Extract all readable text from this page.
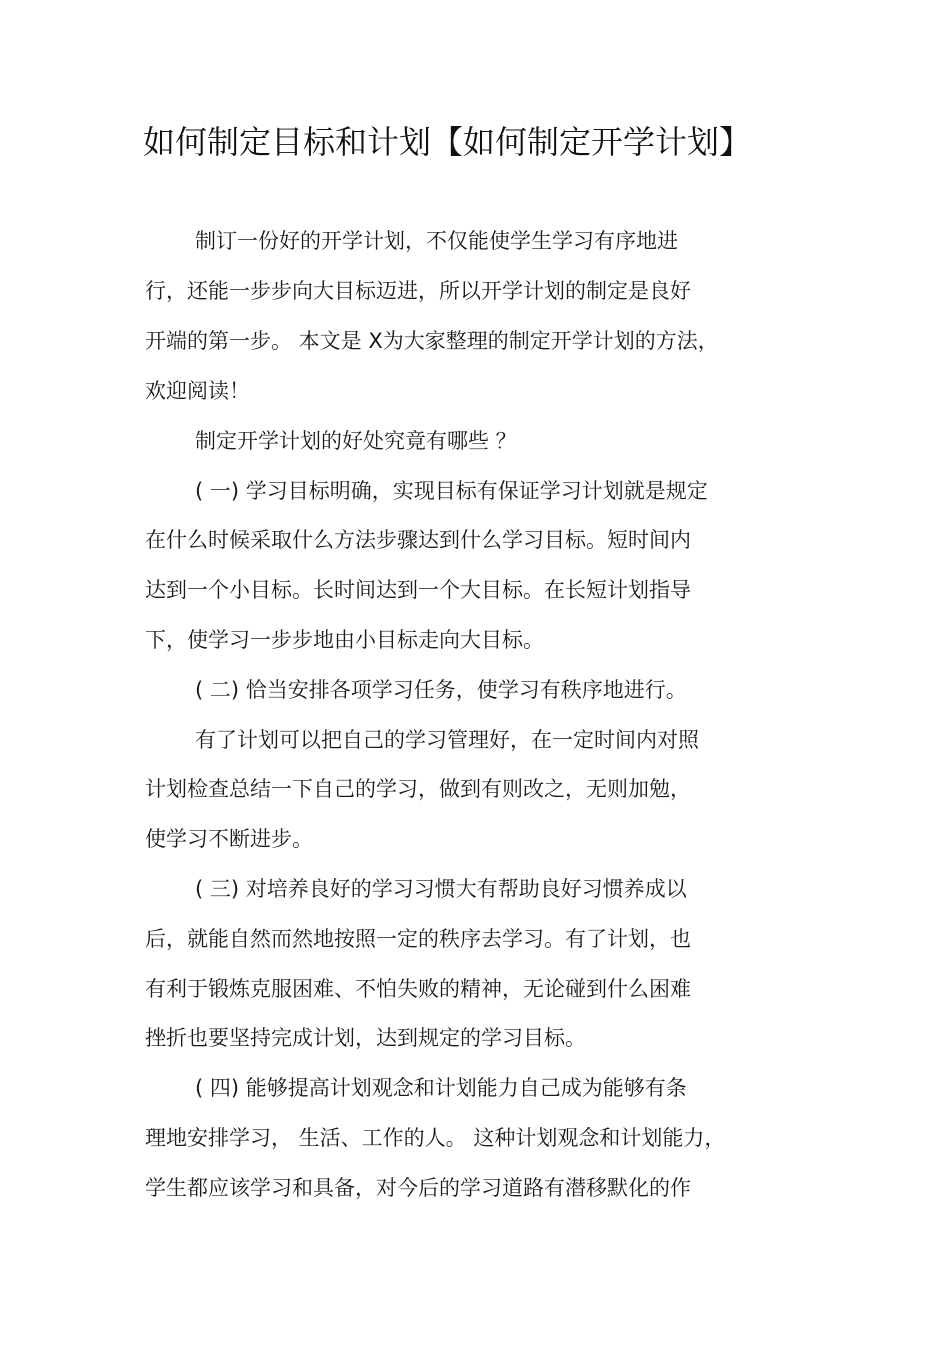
如何制定目标和计划【如何制定开学计划】
制订一份好的开学计划，不仅能使学生学习有序地进
行，还能一步步向大目标迈进，所以开学计划的制定是良好
开端的第一步。 本文是 X为大家整理的制定开学计划的方法，
欢迎阅读！
制定开学计划的好处究竟有哪些 ？
( 一) 学习目标明确，实现目标有保证学习计划就是规定
在什么时候采取什么方法步骤达到什么学习目标。短时间内
达到一个小目标。长时间达到一个大目标。在长短计划指导
下，使学习一步步地由小目标走向大目标。
( 二) 恰当安排各项学习任务，使学习有秩序地进行。
有了计划可以把自己的学习管理好，在一定时间内对照
计划检查总结一下自己的学习，做到有则改之，无则加勉，
使学习不断进步。
( 三) 对培养良好的学习习惯大有帮助良好习惯养成以
后，就能自然而然地按照一定的秩序去学习。有了计划，也
有利于锻炼克服困难、不怕失败的精神，无论碰到什么困难
挫折也要坚持完成计划，达到规定的学习目标。
( 四) 能够提高计划观念和计划能力自己成为能够有条
理地安排学习， 生活、工作的人。 这种计划观念和计划能力，
学生都应该学习和具备，对今后的学习道路有潜移默化的作
